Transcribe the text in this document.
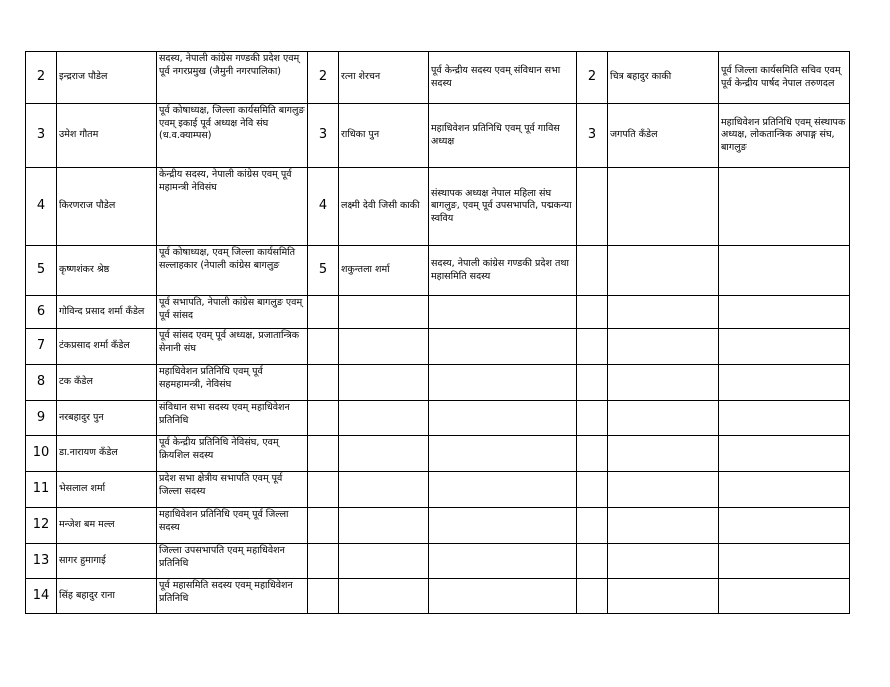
2	इन्द्रराज पौडेल	सदस्य, नेपाली कांग्रेस गण्डकी प्रदेश एवम् पूर्व नगरप्रमुख (जैमुनी नगरपालिका)	2	रत्ना शेरचन	पूर्व केन्द्रीय सदस्य एवम् संविधान सभा सदस्य	2	चित्र बहादुर काकी	पूर्व जिल्ला कार्यसमिति सचिव एवम् पूर्व केन्द्रीय पार्षद नेपाल तरुणदल
3	उमेश गौतम	पूर्व कोषाध्यक्ष, जिल्ला कार्यसमिति बागलुङ एवम् इकाई पूर्व अध्यक्ष नेवि संघ (ध.व.क्याम्पस)	3	राधिका पुन	महाधिवेशन प्रतिनिधि एवम् पूर्व गाविस अध्यक्ष	3	जगपति कँडेल	महाधिवेशन प्रतिनिधि एवम् संस्थापक अध्यक्ष, लोकतान्त्रिक अपाङ्ग संघ, बागलुङ
4	किरणराज पौडेल	केन्द्रीय सदस्य, नेपाली कांग्रेस एवम् पूर्व महामन्त्री नेविसंघ	4	लक्ष्मी देवी जिसी काकी	संस्थापक अध्यक्ष नेपाल महिला संघ बागलुङ, एवम् पूर्व उपसभापति, पद्मकन्या स्वविय			
5	कृष्णशंकर श्रेष्ठ	पूर्व कोषाध्यक्ष, एवम् जिल्ला कार्यसमिति सल्लाहकार (नेपाली कांग्रेस बागलुङ	5	शकुन्तला शर्मा	सदस्य, नेपाली कांग्रेस गण्डकी प्रदेश तथा महासमिति सदस्य			
6	गोविन्द प्रसाद शर्मा कँडेल	पूर्व सभापति, नेपाली कांग्रेस बागलुङ एवम् पूर्व सांसद						
7	टंकप्रसाद शर्मा कँडेल	पूर्व सांसद एवम् पूर्व अध्यक्ष, प्रजातान्त्रिक सेनानी संघ						
8	टक कँडेल	महाधिवेशन प्रतिनिधि एवम् पूर्व सहमहामन्त्री, नेविसंघ						
9	नरबहादुर पुन	संविधान सभा सदस्य एवम् महाधिवेशन प्रतिनिधि						
10	डा.नारायण कँडेल	पूर्व केन्द्रीय प्रतिनिधि नेविसंघ, एवम् क्रियशिल सदस्य						
11	भेसलाल शर्मा	प्रदेश सभा क्षेत्रीय सभापति एवम् पूर्व जिल्ला सदस्य						
12	मन्जेश बम मल्ल	महाधिवेशन प्रतिनिधि एवम् पूर्व जिल्ला सदस्य						
13	सागर हुमागाई	जिल्ला उपसभापति एवम् महाधिवेशन प्रतिनिधि						
14	सिंह बहादुर राना	पूर्व महासमिति सदस्य एवम् महाधिवेशन प्रतिनिधि						
